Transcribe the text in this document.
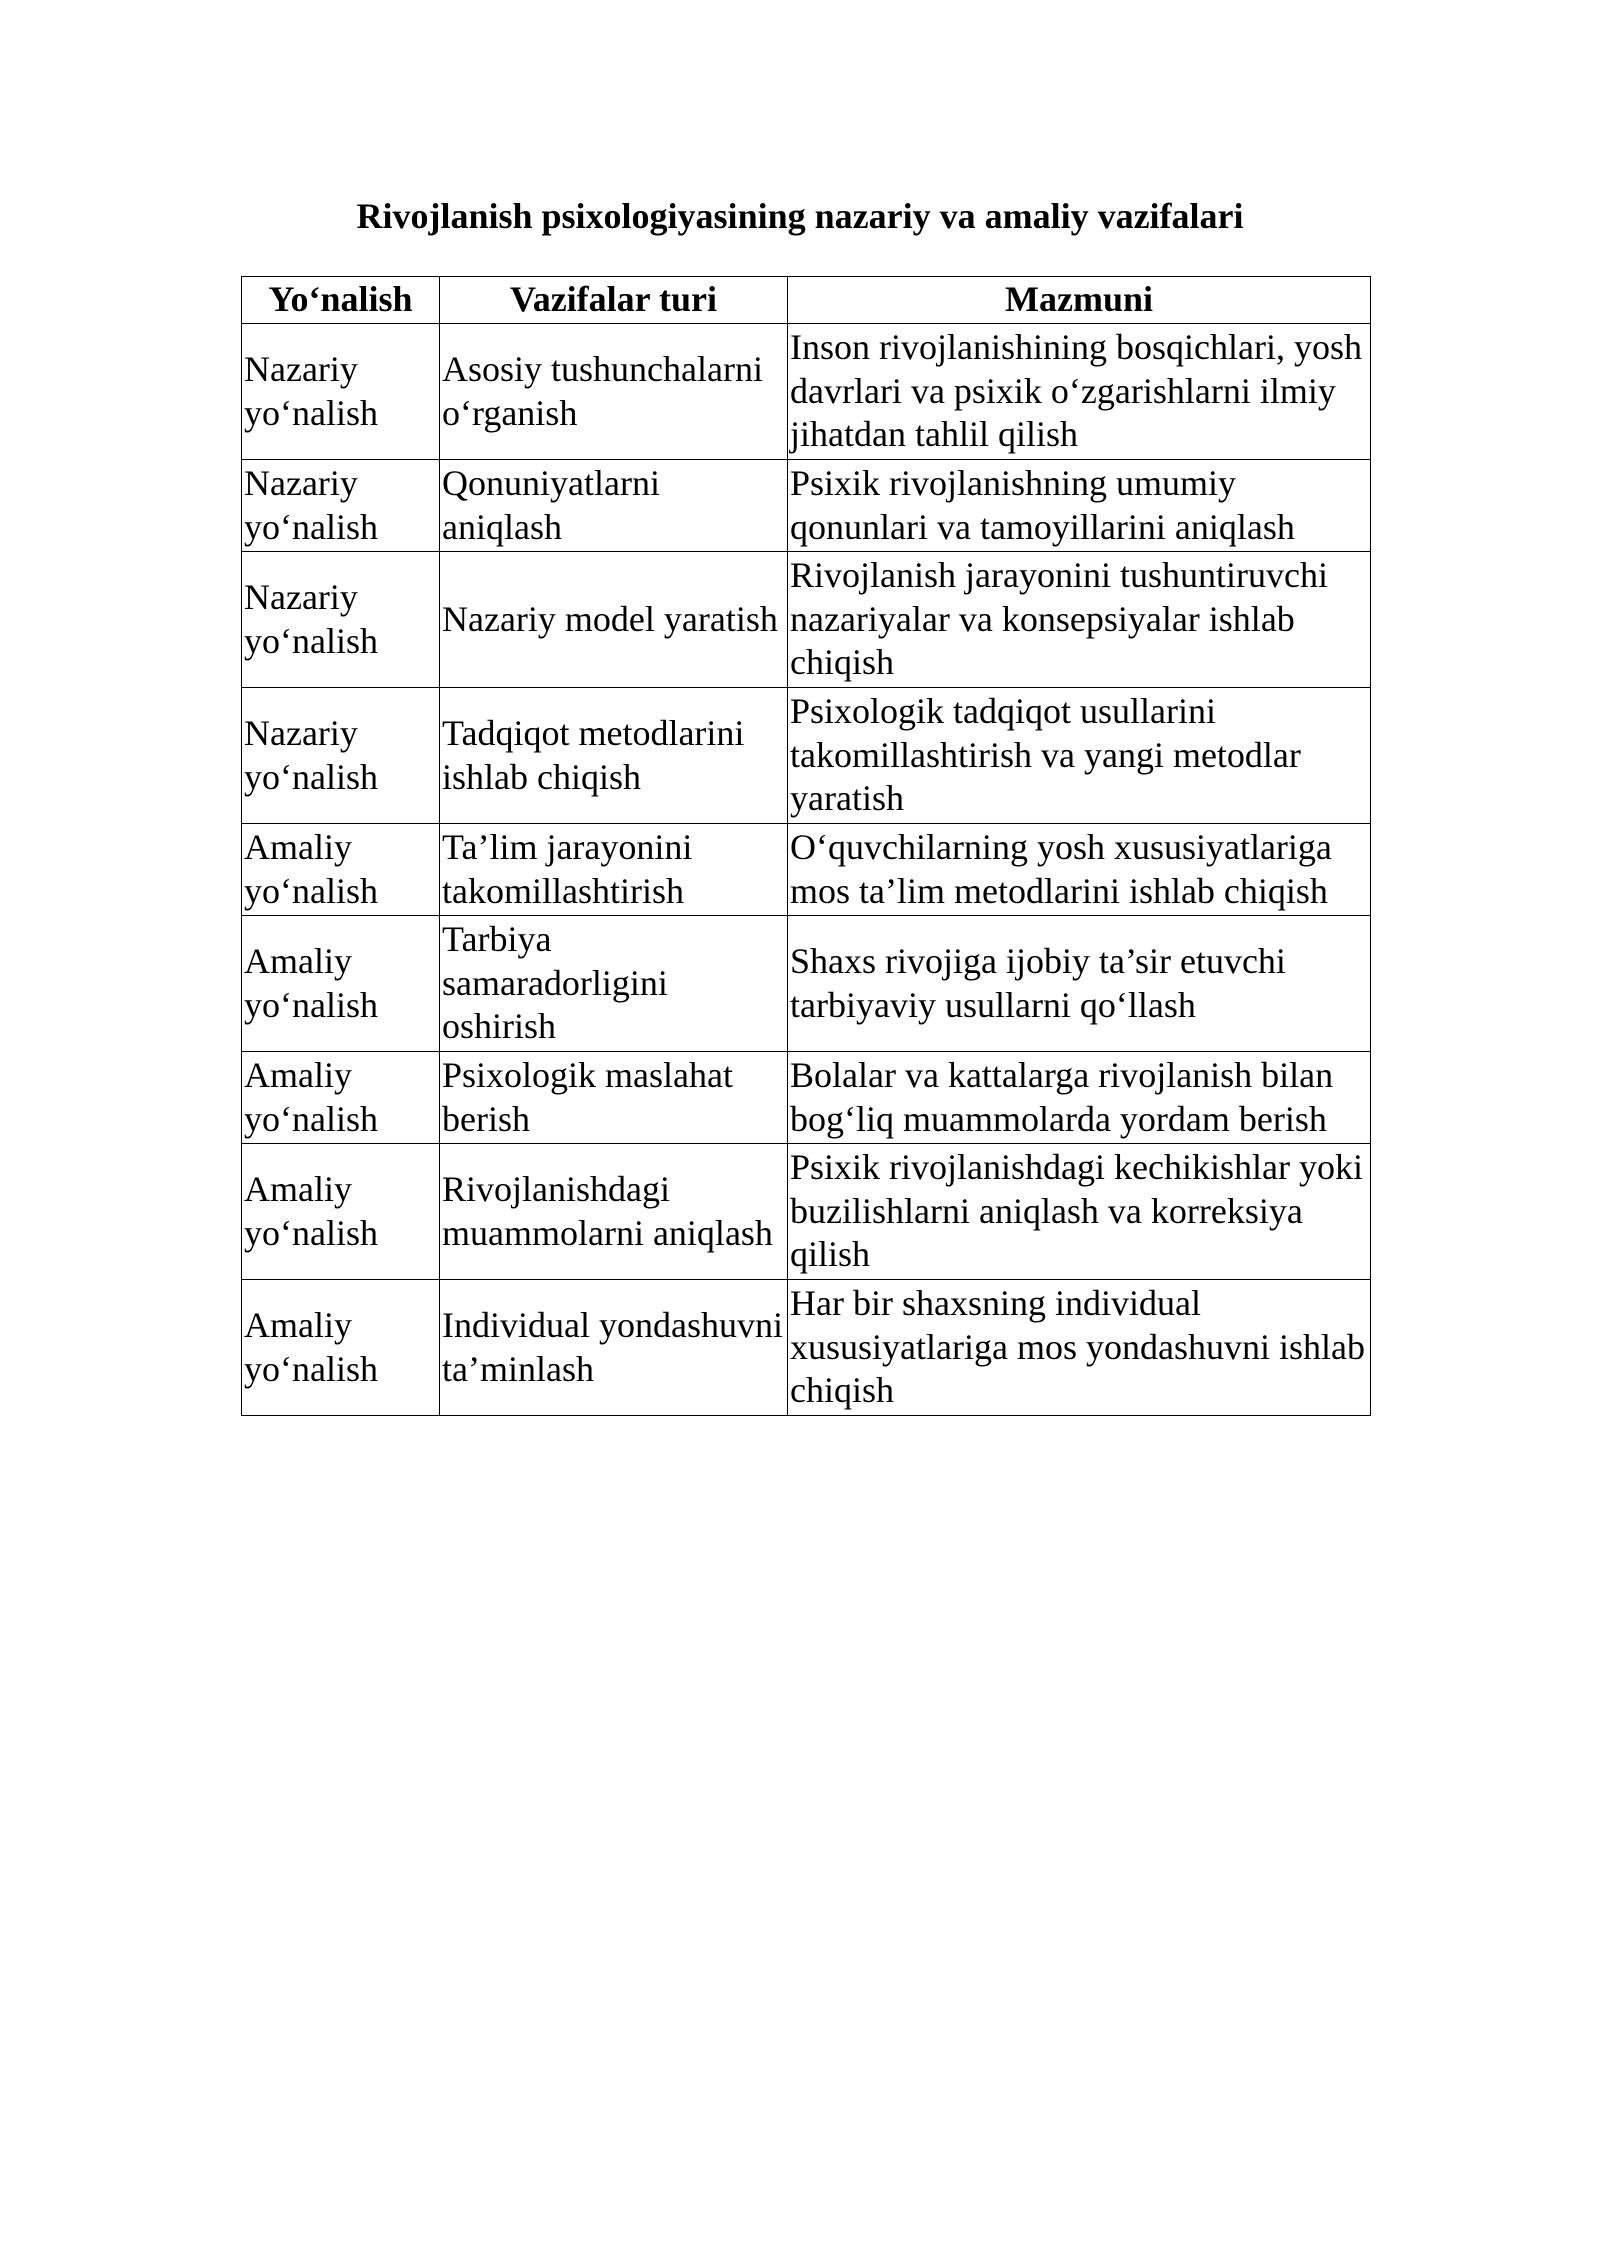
Rivojlanish psixologiyasining nazariy va amaliy vazifalari
Yo‘nalish	Vazifalar turi	Mazmuni
Nazariy yo‘nalish	Asosiy tushunchalarni o‘rganish	Inson rivojlanishining bosqichlari, yosh davrlari va psixik o‘zgarishlarni ilmiy jihatdan tahlil qilish
Nazariy yo‘nalish	Qonuniyatlarni aniqlash	Psixik rivojlanishning umumiy qonunlari va tamoyillarini aniqlash
Nazariy yo‘nalish	Nazariy model yaratish	Rivojlanish jarayonini tushuntiruvchi nazariyalar va konsepsiyalar ishlab chiqish
Nazariy yo‘nalish	Tadqiqot metodlarini ishlab chiqish	Psixologik tadqiqot usullarini takomillashtirish va yangi metodlar yaratish
Amaliy yo‘nalish	Ta’lim jarayonini takomillashtirish	O‘quvchilarning yosh xususiyatlariga mos ta’lim metodlarini ishlab chiqish
Amaliy yo‘nalish	Tarbiya samaradorligini oshirish	Shaxs rivojiga ijobiy ta’sir etuvchi tarbiyaviy usullarni qo‘llash
Amaliy yo‘nalish	Psixologik maslahat berish	Bolalar va kattalarga rivojlanish bilan bog‘liq muammolarda yordam berish
Amaliy yo‘nalish	Rivojlanishdagi muammolarni aniqlash	Psixik rivojlanishdagi kechikishlar yoki buzilishlarni aniqlash va korreksiya qilish
Amaliy yo‘nalish	Individual yondashuvni ta’minlash	Har bir shaxsning individual xususiyatlariga mos yondashuvni ishlab chiqish
